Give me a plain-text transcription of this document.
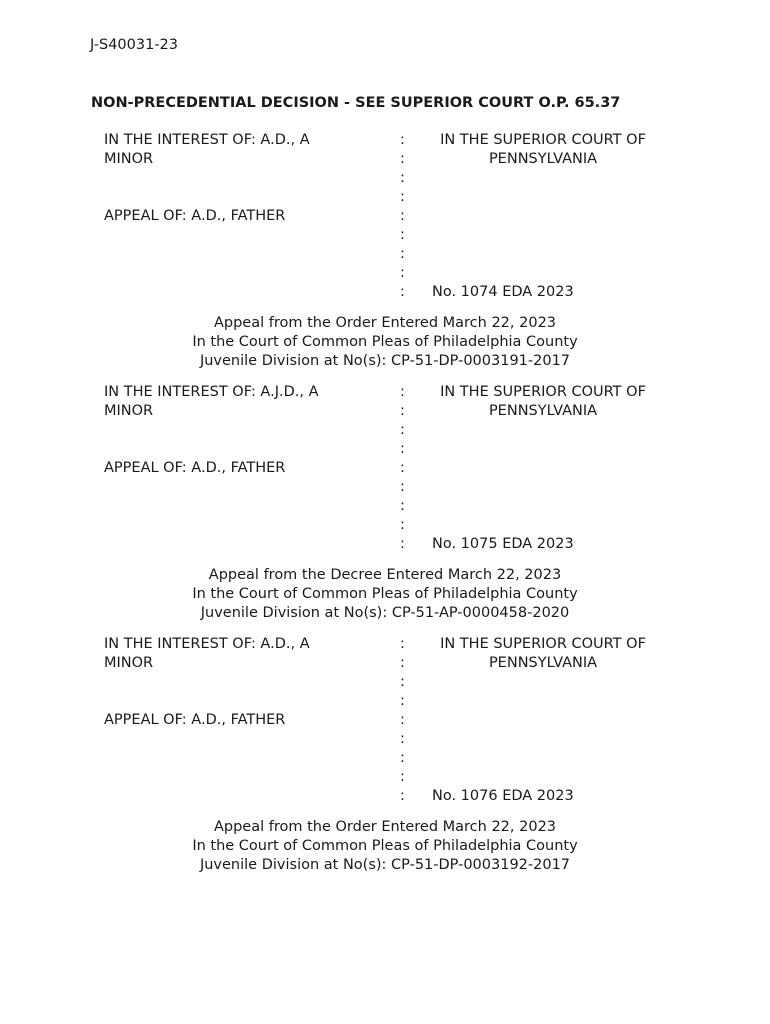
J-S40031-23
NON-PRECEDENTIAL DECISION - SEE SUPERIOR COURT O.P. 65.37
IN THE INTEREST OF: A.D., A
MINOR
APPEAL OF: A.D., FATHER
:
:
:
:
:
:
:
:
:
IN THE SUPERIOR COURT OF
PENNSYLVANIA
No. 1074 EDA 2023
Appeal from the Order Entered March 22, 2023
In the Court of Common Pleas of Philadelphia County
Juvenile Division at No(s): CP-51-DP-0003191-2017
IN THE INTEREST OF: A.J.D., A
MINOR
APPEAL OF: A.D., FATHER
:
:
:
:
:
:
:
:
:
IN THE SUPERIOR COURT OF
PENNSYLVANIA
No. 1075 EDA 2023
Appeal from the Decree Entered March 22, 2023
In the Court of Common Pleas of Philadelphia County
Juvenile Division at No(s): CP-51-AP-0000458-2020
IN THE INTEREST OF: A.D., A
MINOR
APPEAL OF: A.D., FATHER
:
:
:
:
:
:
:
:
:
IN THE SUPERIOR COURT OF
PENNSYLVANIA
No. 1076 EDA 2023
Appeal from the Order Entered March 22, 2023
In the Court of Common Pleas of Philadelphia County
Juvenile Division at No(s): CP-51-DP-0003192-2017
